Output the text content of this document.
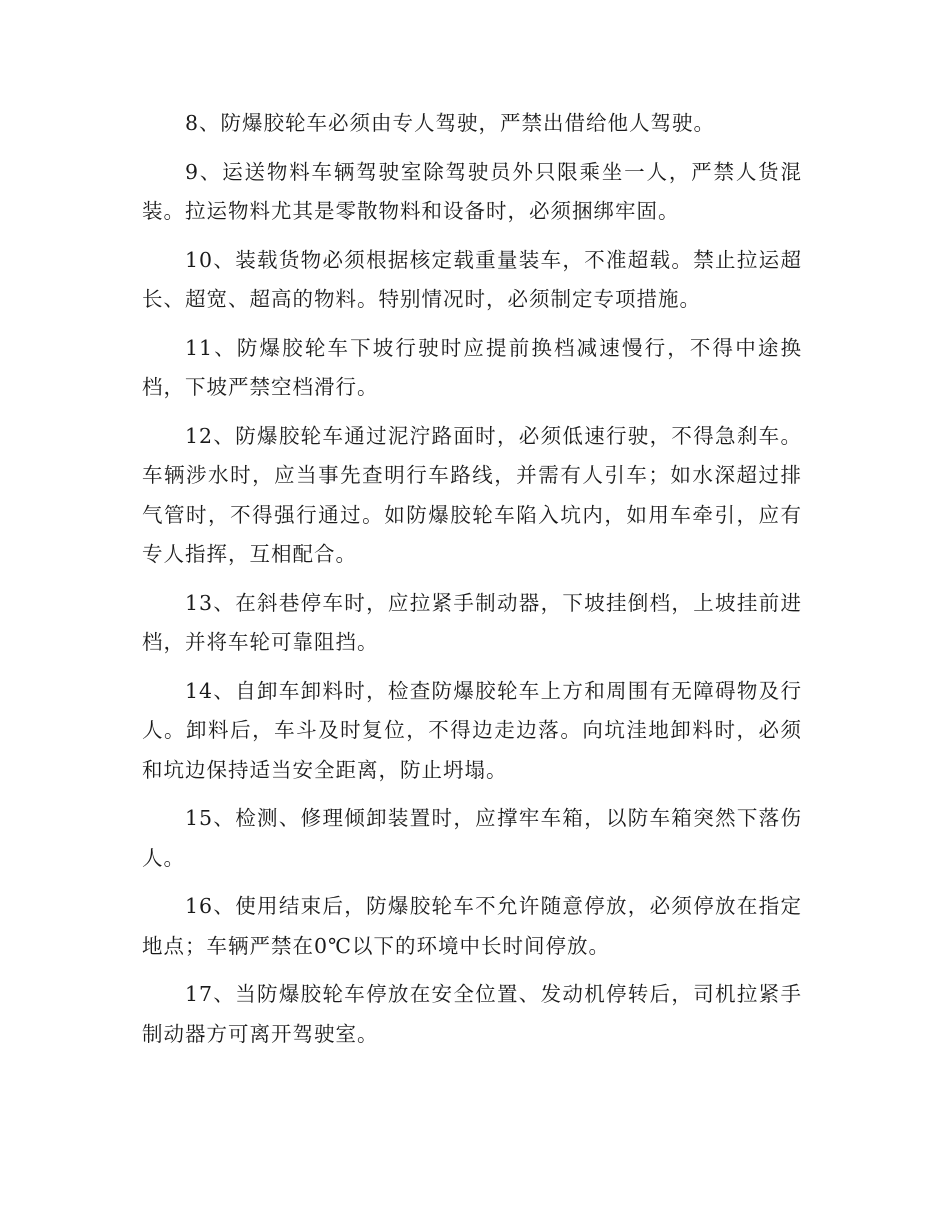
8、防爆胶轮车必须由专人驾驶，严禁出借给他人驾驶。

9、运送物料车辆驾驶室除驾驶员外只限乘坐一人，严禁人货混装。拉运物料尤其是零散物料和设备时，必须捆绑牢固。

10、装载货物必须根据核定载重量装车，不准超载。禁止拉运超长、超宽、超高的物料。特别情况时，必须制定专项措施。

11、防爆胶轮车下坡行驶时应提前换档减速慢行，不得中途换档，下坡严禁空档滑行。

12、防爆胶轮车通过泥泞路面时，必须低速行驶，不得急刹车。车辆涉水时，应当事先查明行车路线，并需有人引车；如水深超过排气管时，不得强行通过。如防爆胶轮车陷入坑内，如用车牵引，应有专人指挥，互相配合。

13、在斜巷停车时，应拉紧手制动器，下坡挂倒档，上坡挂前进档，并将车轮可靠阻挡。

14、自卸车卸料时，检查防爆胶轮车上方和周围有无障碍物及行人。卸料后，车斗及时复位，不得边走边落。向坑洼地卸料时，必须和坑边保持适当安全距离，防止坍塌。

15、检测、修理倾卸装置时，应撑牢车箱，以防车箱突然下落伤人。

16、使用结束后，防爆胶轮车不允许随意停放，必须停放在指定地点；车辆严禁在0℃以下的环境中长时间停放。

17、当防爆胶轮车停放在安全位置、发动机停转后，司机拉紧手制动器方可离开驾驶室。
